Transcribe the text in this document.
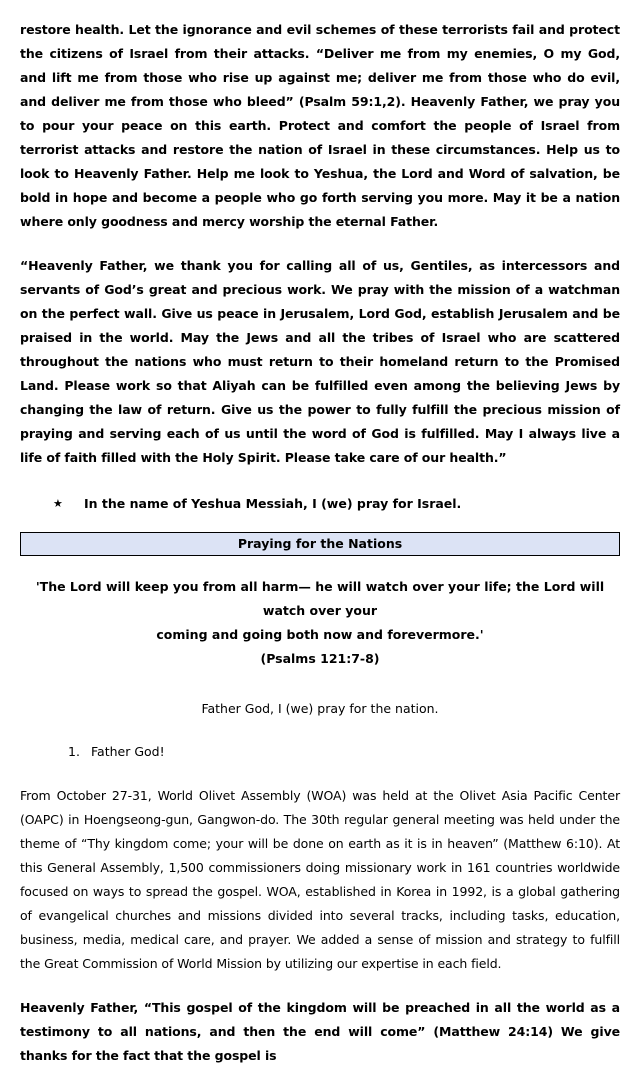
restore health. Let the ignorance and evil schemes of these terrorists fail and protect the citizens of Israel from their attacks. “Deliver me from my enemies, O my God, and lift me from those who rise up against me; deliver me from those who do evil, and deliver me from those who bleed” (Psalm 59:1,2). Heavenly Father, we pray you to pour your peace on this earth. Protect and comfort the people of Israel from terrorist attacks and restore the nation of Israel in these circumstances. Help us to look to Heavenly Father. Help me look to Yeshua, the Lord and Word of salvation, be bold in hope and become a people who go forth serving you more. May it be a nation where only goodness and mercy worship the eternal Father.

“Heavenly Father, we thank you for calling all of us, Gentiles, as intercessors and servants of God’s great and precious work. We pray with the mission of a watchman on the perfect wall. Give us peace in Jerusalem, Lord God, establish Jerusalem and be praised in the world. May the Jews and all the tribes of Israel who are scattered throughout the nations who must return to their homeland return to the Promised Land. Please work so that Aliyah can be fulfilled even among the believing Jews by changing the law of return. Give us the power to fully fulfill the precious mission of praying and serving each of us until the word of God is fulfilled. May I always live a life of faith filled with the Holy Spirit. Please take care of our health.”

★ In the name of Yeshua Messiah, I (we) pray for Israel.
Praying for the Nations
'The Lord will keep you from all harm— he will watch over your life; the Lord will watch over your
coming and going both now and forevermore.'
(Psalms 121:7-8)
Father God, I (we) pray for the nation.
1. Father God!

From October 27-31, World Olivet Assembly (WOA) was held at the Olivet Asia Pacific Center (OAPC) in Hoengseong-gun, Gangwon-do. The 30th regular general meeting was held under the theme of “Thy kingdom come; your will be done on earth as it is in heaven” (Matthew 6:10). At this General Assembly, 1,500 commissioners doing missionary work in 161 countries worldwide focused on ways to spread the gospel. WOA, established in Korea in 1992, is a global gathering of evangelical churches and missions divided into several tracks, including tasks, education, business, media, medical care, and prayer. We added a sense of mission and strategy to fulfill the Great Commission of World Mission by utilizing our expertise in each field.

Heavenly Father, “This gospel of the kingdom will be preached in all the world as a testimony to all nations, and then the end will come” (Matthew 24:14) We give thanks for the fact that the gospel is
